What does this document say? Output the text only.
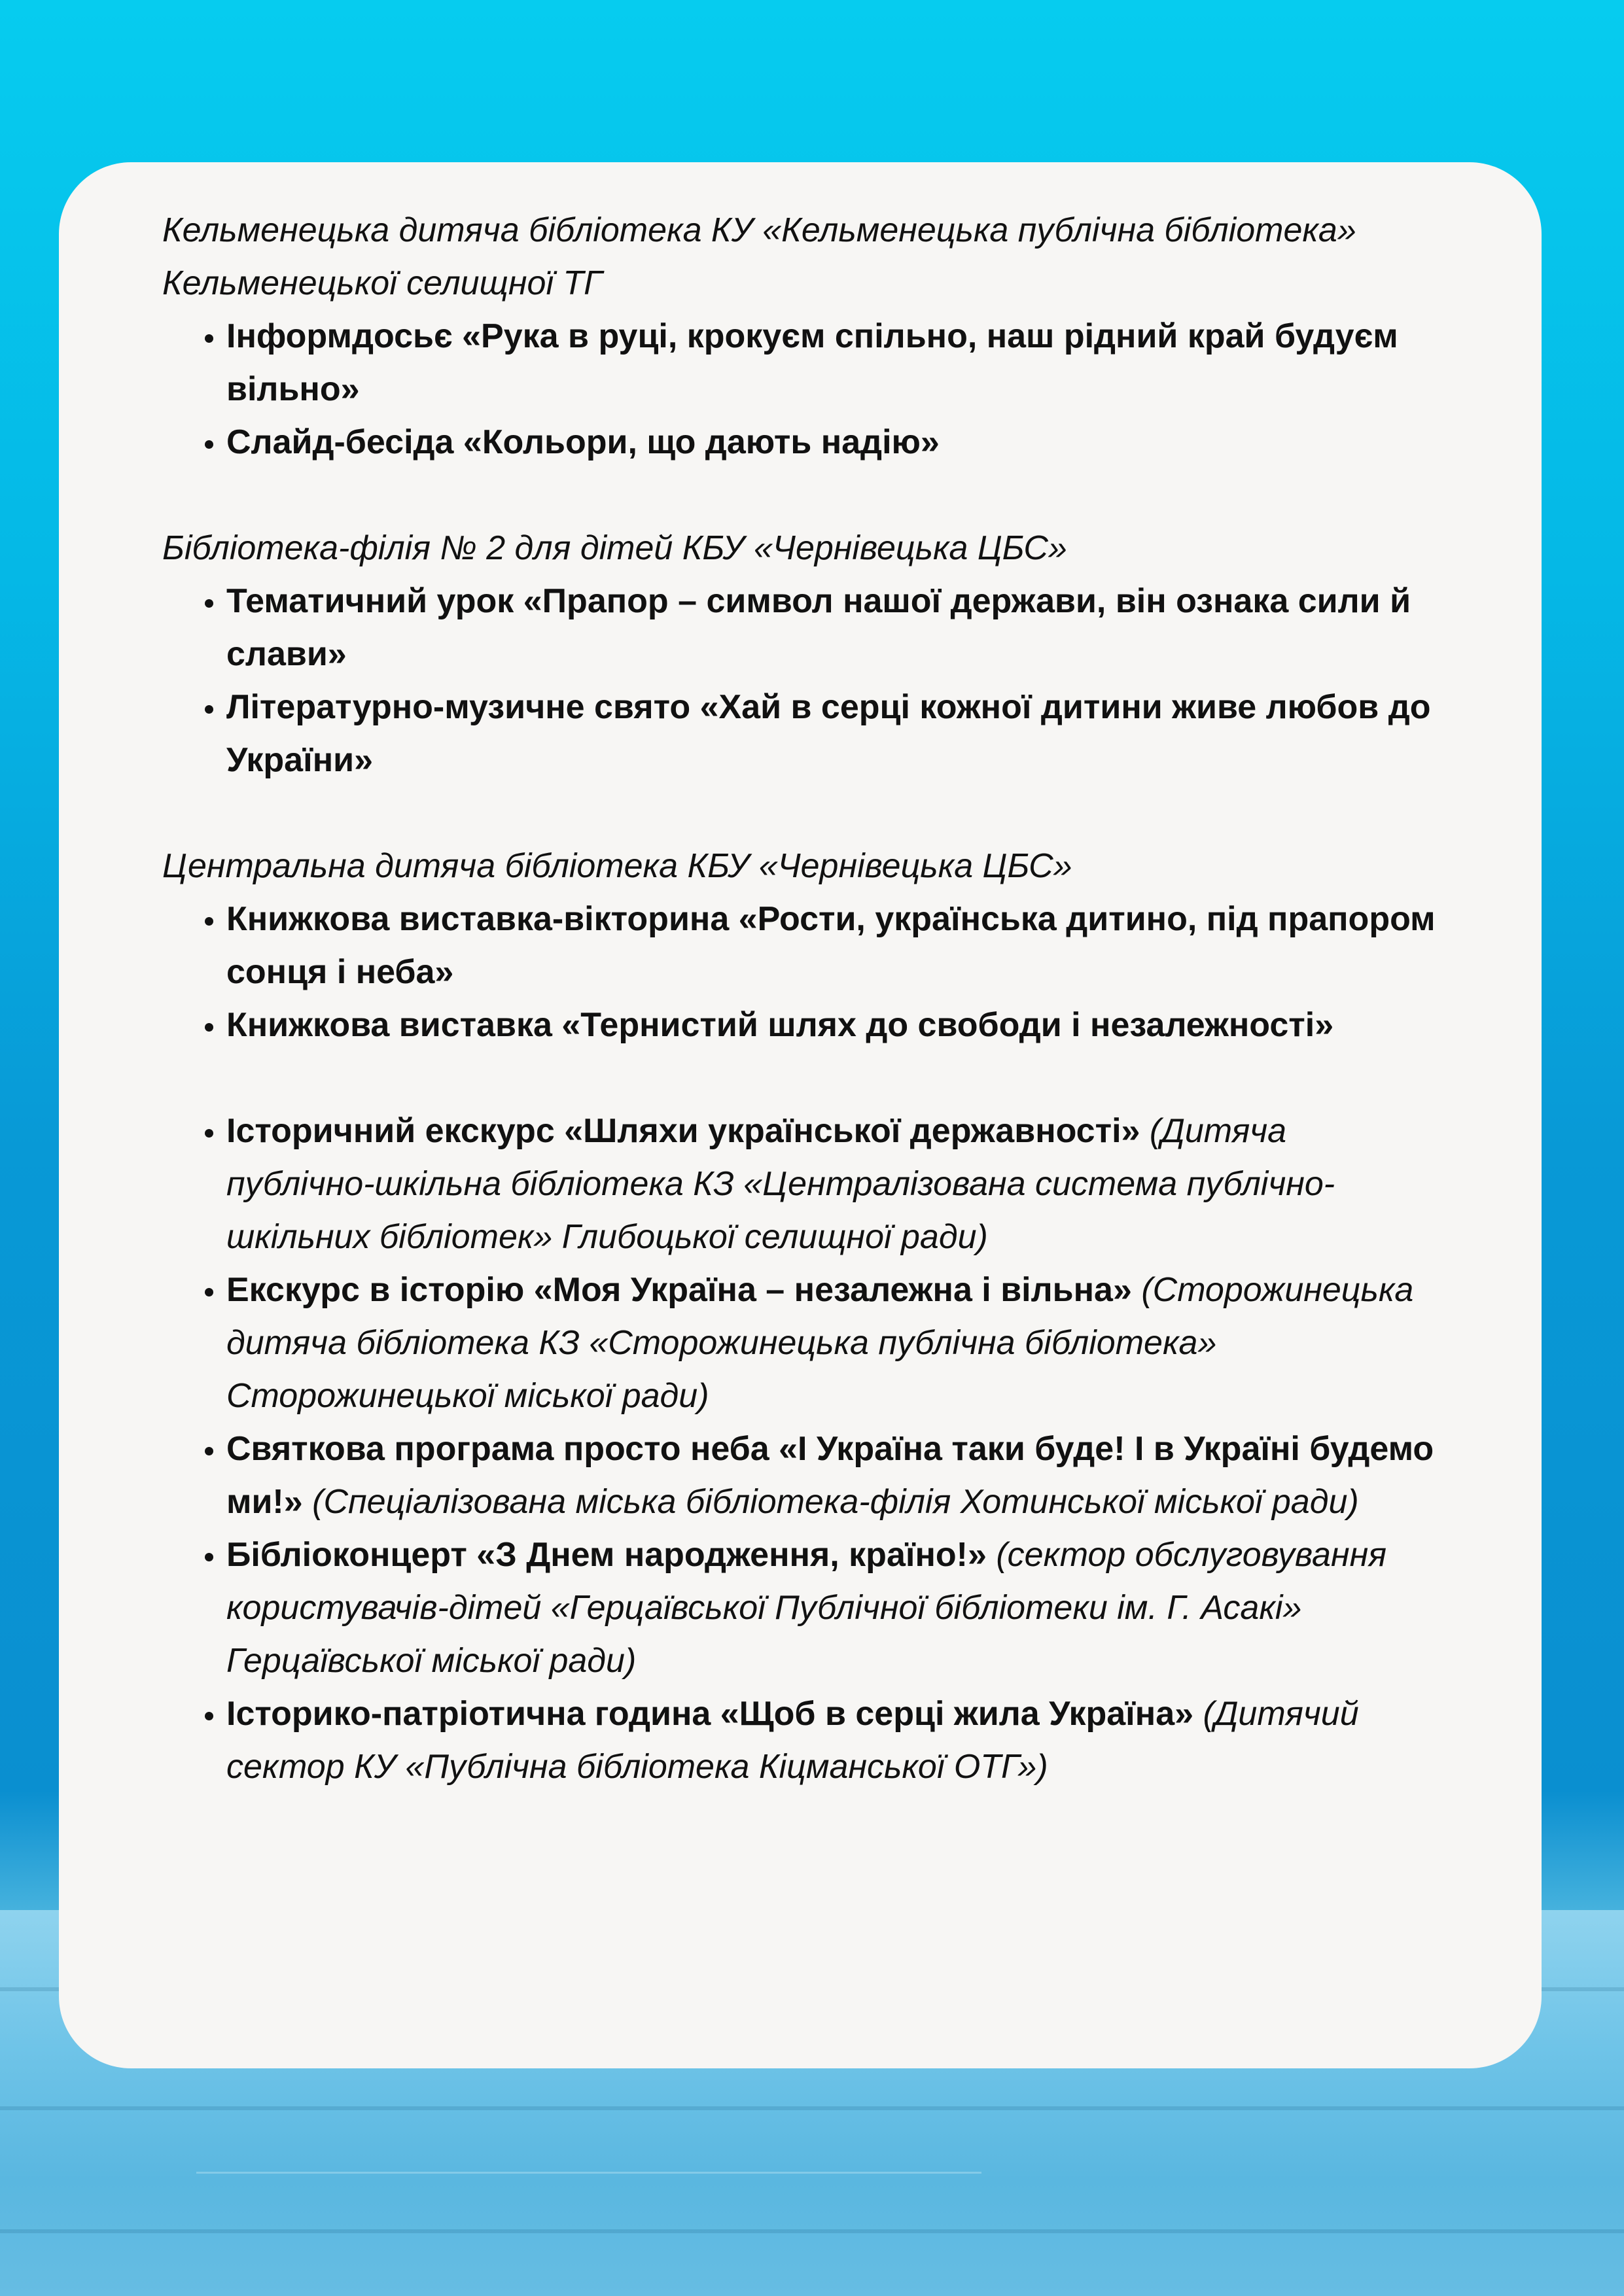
Кельменецька дитяча бібліотека КУ «Кельменецька публічна бібліотека» Кельменецької селищної ТГ

• Інформдосьє «Рука в руці, крокуєм спільно, наш рідний край будуєм вільно»
• Слайд-бесіда «Кольори, що дають надію»

Бібліотека-філія № 2 для дітей КБУ «Чернівецька ЦБС»

• Тематичний урок «Прапор – символ нашої держави, він ознака сили й слави»
• Літературно-музичне свято «Хай в серці кожної дитини живе любов до України»

Центральна дитяча бібліотека КБУ «Чернівецька ЦБС»

• Книжкова виставка-вікторина «Рости, українська дитино, під прапором сонця і неба»
• Книжкова виставка «Тернистий шлях до свободи і незалежності»
• Історичний екскурс «Шляхи української державності» (Дитяча публічно-шкільна бібліотека КЗ «Централізована система публічно-шкільних бібліотек» Глибоцької селищної ради)
• Екскурс в історію «Моя Україна – незалежна і вільна» (Сторожинецька дитяча бібліотека КЗ «Сторожинецька публічна бібліотека» Сторожинецької міської ради)
• Святкова програма просто неба «І Україна таки буде! І в Україні будемо ми!» (Спеціалізована міська бібліотека-філія Хотинської міської ради)
• Бібліоконцерт «З Днем народження, країно!» (сектор обслуговування користувачів-дітей «Герцаївської Публічної бібліотеки ім. Г. Асакі» Герцаївської міської ради)
• Історико-патріотична година «Щоб в серці жила Україна» (Дитячий сектор КУ «Публічна бібліотека Кіцманської ОТГ»)
